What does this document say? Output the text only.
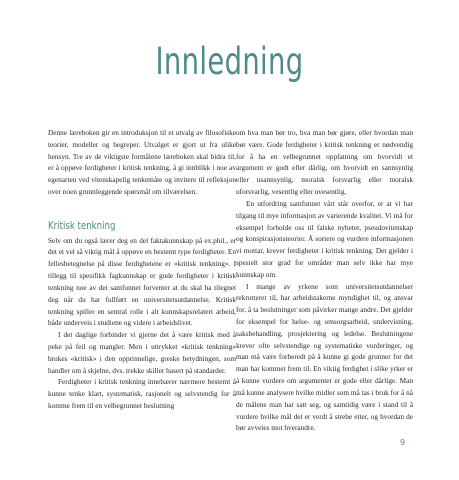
Innledning

Denne læreboken gir en introduksjon til et utvalg av filosofiske teorier, modeller og begreper. Utvalget er gjort ut fra ulike hensyn. Tre av de viktigste formålene læreboken skal bidra til, er å oppøve ferdigheter i kritisk tenkning, å gi innblikk i noe av egenarten ved vitenskapelig tenkemåte og invitere til refleksjon over noen grunnleggende spørsmål om tilværelsen.

Kritisk tenkning

Selv om du også lærer deg en del faktakunnskap på ex.phil., er det et vel så viktig mål å oppøve en bestemt type ferdigheter. En fellesbetegnelse på disse ferdighetene er «kritisk tenkning». I tillegg til spesifikk fagkunnskap er gode ferdigheter i kritisk tenkning noe av det samfunnet forventer at du skal ha tilegnet deg når du har fullført en universitetsutdannelse. Kritisk tenkning spiller en sentral rolle i alt kunnskapsrelatert arbeid, både underveis i studiene og videre i arbeidslivet.

I det daglige forbinder vi gjerne det å være kritisk med å peke på feil og mangler. Men i uttrykket «kritisk tenkning» brukes «kritisk» i den opprinnelige, greske betydningen, som handler om å skjelne, dvs. trekke skiller basert på standarder.

Ferdigheter i kritisk tenkning innebærer nærmere bestemt å kunne tenke klart, systematisk, rasjonelt og selvstendig for å komme frem til en velbegrunnet beslutning

om hva man bør tro, hva man bør gjøre, eller hvordan man bør være. Gode ferdigheter i kritisk tenkning er nødvendig for å ha en velbegrunnet oppfatning om hvorvidt et argument er godt eller dårlig, om hvorvidt en sannsynlig eller usannsynlig, moralsk forsvarlig eller moralsk uforsvarlig, vesentlig eller uvesentlig.

En utfordring samfunnet vårt står overfor, er at vi har tilgang til mye informasjon av varierende kvalitet. Vi må for eksempel forholde oss til falske nyheter, pseudovitenskap og konspirasjonsteorier. Å sortere og vurdere informasjonen vi mottar, krever ferdigheter i kritisk tenkning. Det gjelder i spesielt stor grad for områder man selv ikke har mye kunnskap om.

I mange av yrkene som universitetsutdannelser rekrutterer til, har arbeidstakerne myndighet til, og ansvar for, å ta beslutninger som påvirker mange andre. Det gjelder for eksempel for helse- og omsorgsarbeid, undervisning, saksbehandling, prosjektering og ledelse. Beslutningene krever ofte selvstendige og systematiske vurderinger, og man må være forberedt på å kunne gi gode grunner for det man har kommet frem til. En viktig ferdighet i slike yrker er å kunne vurdere om argumenter er gode eller dårlige. Man må kunne analysere hvilke midler som må tas i bruk for å nå de målene man har satt seg, og samtidig være i stand til å vurdere hvilke mål det er verdt å strebe etter, og hvordan de bør avveies mot hverandre.

9
